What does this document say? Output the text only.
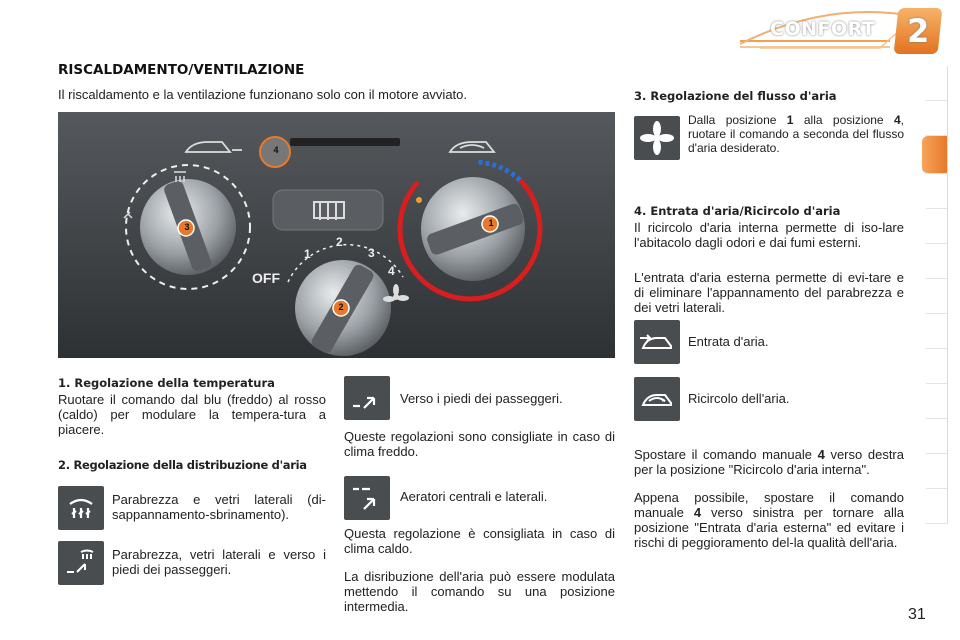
CONFORT 2
RISCALDAMENTO/VENTILAZIONE
Il riscaldamento e la ventilazione funzionano solo con il motore avviato.
4
3	1
2
OFF
1
2
3
4
1. Regolazione della temperatura
Ruotare il comando dal blu (freddo) al rosso (caldo) per modulare la tempera-tura a piacere.
2. Regolazione della distribuzione d'aria
Parabrezza e vetri laterali (di-sappannamento-sbrinamento).
Parabrezza, vetri laterali e verso i piedi dei passeggeri.
Verso i piedi dei passeggeri.
Queste regolazioni sono consigliate in caso di clima freddo.
Aeratori centrali e laterali.
Questa regolazione è consigliata in caso di clima caldo.
La disribuzione dell'aria può essere modulata mettendo il comando su una posizione intermedia.
3. Regolazione del flusso d'aria
Dalla posizione 1 alla posizione 4, ruotare il comando a seconda del flusso d'aria desiderato.
4. Entrata d'aria/Ricircolo d'aria
Il ricircolo d'aria interna permette di iso-lare l'abitacolo dagli odori e dai fumi esterni.
L'entrata d'aria esterna permette di evi-tare e di eliminare l'appannamento del parabrezza e dei vetri laterali.
Entrata d'aria.
Ricircolo dell'aria.
Spostare il comando manuale 4 verso destra per la posizione "Ricircolo d'aria interna".
Appena possibile, spostare il comando manuale 4 verso sinistra per tornare alla posizione "Entrata d'aria esterna" ed evitare i rischi di peggioramento del-la qualità dell'aria.
31
